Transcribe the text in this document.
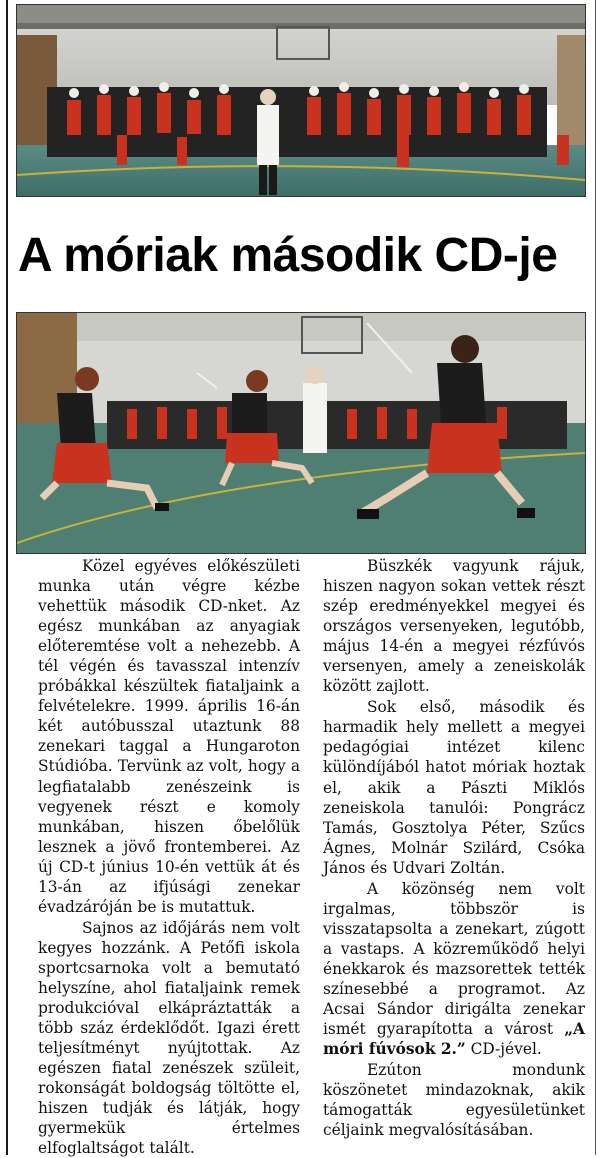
A móriak második CD-je

Közel egyéves előkészületi munka után végre kézbe vehettük második CD-nket. Az egész munkában az anyagiak előteremtése volt a nehezebb. A tél végén és tavasszal intenzív próbákkal készültek fiataljaink a felvételekre. 1999. április 16-án két autóbusszal utaztunk 88 zenekari taggal a Hungaroton Stúdióba. Tervünk az volt, hogy a legfiatalabb zenészeink is vegyenek részt e komoly munkában, hiszen őbelőlük lesznek a jövő frontemberei. Az új CD-t június 10-én vettük át és 13-án az ifjúsági zenekar évadzáróján be is mutattuk.

Sajnos az időjárás nem volt kegyes hozzánk. A Petőfi iskola sportcsarnoka volt a bemutató helyszíne, ahol fiataljaink remek produkcióval elkápráztatták a több száz érdeklődőt. Igazi érett teljesítményt nyújtottak. Az egészen fiatal zenészek szüleit, rokonságát boldogság töltötte el, hiszen tudják és látják, hogy gyermekük értelmes elfoglaltságot talált.

Büszkék vagyunk rájuk, hiszen nagyon sokan vettek részt szép eredményekkel megyei és országos versenyeken, legutóbb, május 14-én a megyei rézfúvós versenyen, amely a zeneiskolák között zajlott.

Sok első, második és harmadik hely mellett a megyei pedagógiai intézet kilenc különdíjából hatot móriak hoztak el, akik a Pászti Miklós zeneiskola tanulói: Pongrácz Tamás, Gosztolya Péter, Szűcs Ágnes, Molnár Szilárd, Csóka János és Udvari Zoltán.

A közönség nem volt irgalmas, többször is visszatapsolta a zenekart, zúgott a vastaps. A közreműködő helyi énekkarok és mazsorettek tették színesebbé a programot. Az Acsai Sándor dirigálta zenekar ismét gyarapította a várost „A móri fúvósok 2.” CD-jével.

Ezúton mondunk köszönetet mindazoknak, akik támogatták egyesületünket céljaink megvalósításában.
